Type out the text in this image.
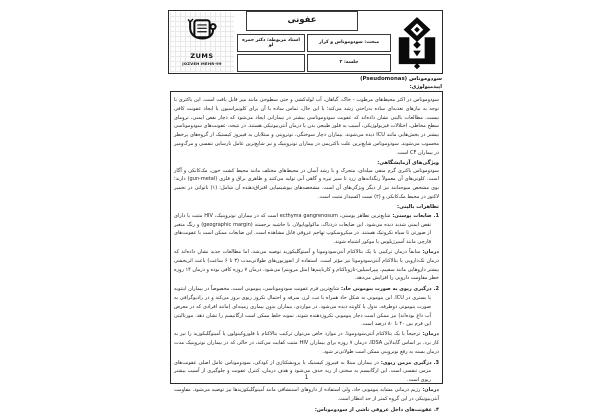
ZUMS
JOZVEH MEHR-99
عفونی
استاد مربوطه: دکتر حمزه لو
مبحث: سودوموناس و کزاز
جلسه: ۲
سودوموناس (Pseudomonas)
اپیدمیولوژی:

سودوموناس در اکثر محیط‌های مرطوب - خاک، گیاهان، آب لوله‌کشی و حتی سطوحی مانند میز قابل یافت است. این باکتری با توجه به نیازهای تغذیه‌ای ساده به‌راحتی رشد می‌کند؛ با این حال، تماس ساده با آن برای کلونیزاسیون یا ایجاد عفونت کافی نیست. مطالعات بالینی نشان داده‌اند که عفونت سودوموناسی بیشتر در بیمارانی ایجاد می‌شود که دچار نقص ایمنی، ترومای سطح مخاطی، اختلالات فیزیولوژیکی، آسیب به فلور طبیعی بدن یا درمان آنتی‌بیوتیکی هستند. در نتیجه، عفونت‌های سودوموناسی بیشتر در بخش‌هایی مانند ICU دیده می‌شوند. بیماران دچار سوختگی، نوتروپنی و مبتلایان به فیبروز کیستیک از گروه‌های پرخطر محسوب می‌شوند. سودوموناس شایع‌ترین علت باکتریمی در بیماران نوتروپنیک و نیز شایع‌ترین عامل نارسایی تنفسی و مرگ‌ومیر در بیماران CF است.

ویژگی‌های آزمایشگاهی:

سودوموناس باکتری گرم منفی میله‌ای، متحرک و با رشد آسان در محیط‌های مختلف مانند محیط کشت خون، مک‌کانکی و آگار است. کلونی‌های آن معمولاً رنگدانه‌های زرد تا سبز تیره و گاهی آبی تولید می‌کنند و ظاهری براق و فلزی (gun-metal) دارند؛ بوی مشخص میوه‌مانند نیز از دیگر ویژگی‌های آن است. مشخصه‌های بیوشیمیایی افتراق‌دهنده آن شامل: (۱) ناتوانی در تخمیر لاکتوز در محیط مک‌کانکی و (۲) تست اکسیداز مثبت است.

تظاهرات بالینی:
1.ضایعات پوستی:شایع‌ترین تظاهر پوستی، ecthyma gangrenosum است که در بیماران نوتروپنیک، HIV مثبت یا دارای نقص ایمنی شدید دیده می‌شود. این ضایعات دردناک، ماکولوپاپولار، با حاشیه برجسته (geographic margin) و رنگ متغیر از صورتی تا سیاه نکروتیک هستند. در میکروسکوپ تهاجم عروقی قابل مشاهده است. این ضایعات ممکن است با عفونت‌های قارچی مانند آسپرژیلوس یا موکور اشتباه شوند.
درمان:سابقاً درمان ترکیبی با یک بتالاکتام آنتی‌سودومونا و آمینوگلیکوزید توصیه می‌شد، اما مطالعات جدید نشان داده‌اند که درمان تک‌دارویی با بتالاکتام آنتی‌سودومونا نیز مؤثر است. استفاده از انفوزیون‌های طولانی‌مدت (۳ تا ۶ ساعت) باعث اثربخشی بیشتر داروهایی مانند سفپیم، پیپراسیلین-تازوباکتام و کارباپنم‌ها (مثل مروپنم) می‌شود. درمان ۷ روزه کافی بوده و درمان ۱۴ روزه خطر مقاومت دارویی را افزایش می‌دهد.
2.درگیری ریوی به صورت پنومونی حاد:شایع‌ترین فرم عفونت سودوموناسی، پنومونی است، مخصوصاً در بیماران اینتوبه یا بستری در ICU. این پنومونی به شکل حاد همراه با تب، لرز، سرفه و احتمال نکروز ریوی بروز می‌کند و در رادیوگرافی به صورت پنومونی دوطرفه، ندول یا کاویته دیده می‌شود. در مواردی، بیماران بدون بیماری زمینه‌ای (مانند افرادی که در معرض آب داغ بوده‌اند) نیز ممکن است دچار پنومونی نکروزدهنده شوند. نمونه خلط ممکن است ارگانیسم را نشان دهد. مورتالیتی این فرم بین ۴۰ تا ۸۰ درصد است.
درمان:ترجیحاً با یک بتالاکتام آنتی‌سودومونا. در موارد خاص می‌توان ترکیب بتالاکتام با فلوروکینولون یا آمینوگلیکوزید را نیز به کار برد. بر اساس گایدلاین IDSA، درمان ۷ روزه برای بیماران HIV مثبت کفایت می‌کند، در حالی که در بیماران نوتروپنیک مدت درمان بسته به رفع نوتروپنی ممکن است طولانی‌تر شود.
3.درگیری مزمن ریوی:در بیماران مبتلا به فیبروز کیستیک یا برونشکتازی از کودکی، سودوموناس عامل اصلی عفونت‌های مزمن تنفسی است. این ارگانیسم به سختی از ریه حذف می‌شود و هدف درمان، کنترل عفونت و جلوگیری از آسیب بیشتر ریوی است.
درمان:رژیم درمانی مشابه پنومونی حاد، ولی استفاده از داروهای استنشاقی مانند آمینوگلیکوزیدها نیز توصیه می‌شود. مقاومت آنتی‌بیوتیکی در این گروه کمتر از حد انتظار است.
۴.عفونت‌های داخل عروقی ناشی از سودوموناس:
1
